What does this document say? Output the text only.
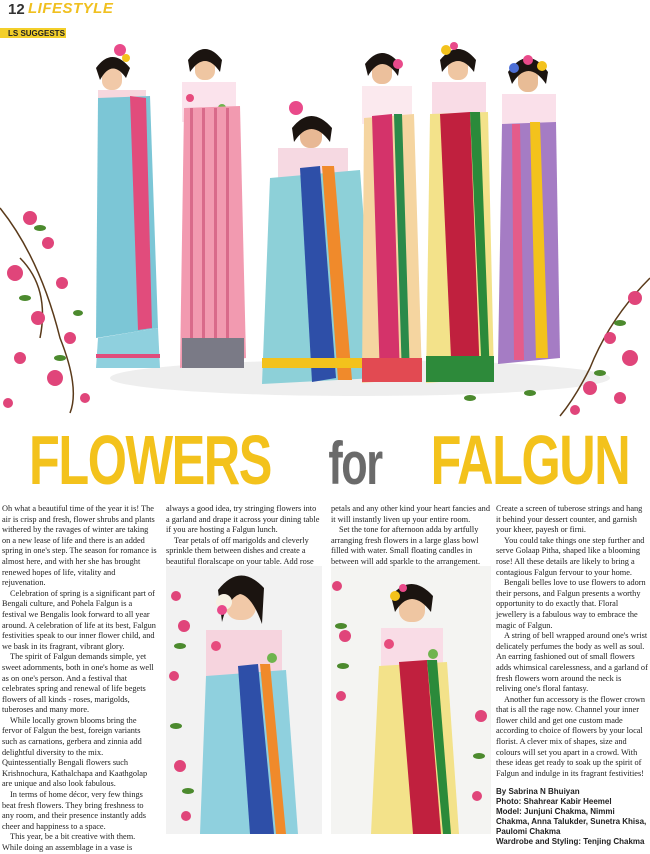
12 LIFESTYLE
LS SUGGESTS
FLOWERS for FALGUN

Oh what a beautiful time of the year it is! The air is crisp and fresh, flower shrubs and plants withered by the ravages of winter are taking on a new lease of life and there is an added spring in one's step. The season for romance is almost here, and with her she has brought renewed hopes of life, vitality and rejuvenation.

Celebration of spring is a significant part of Bengali culture, and Pohela Falgun is a festival we Bengalis look forward to all year around. A celebration of life at its best, Falgun festivities speak to our inner flower child, and we bask in its fragrant, vibrant glory.

The spirit of Falgun demands simple, yet sweet adornments, both in one's home as well as on one's person. And a festival that celebrates spring and renewal of life begets flowers of all kinds - roses, marigolds, tuberoses and many more.

While locally grown blooms bring the fervor of Falgun the best, foreign variants such as carnations, gerbera and zinnia add delightful diversity to the mix. Quintessentially Bengali flowers such Krishnochura, Kathalchapa and Kaathgolap are unique and also look fabulous.

In terms of home décor, very few things beat fresh flowers. They bring freshness to any room, and their presence instantly adds cheer and happiness to a space.

This year, be a bit creative with them. While doing an assemblage in a vase is

always a good idea, try stringing flowers into a garland and drape it across your dining table if you are hosting a Falgun lunch.

Tear petals of off marigolds and cleverly sprinkle them between dishes and create a beautiful floralscape on your table. Add rose

petals and any other kind your heart fancies and it will instantly liven up your entire room.

Set the tone for afternoon adda by artfully arranging fresh flowers in a large glass bowl filled with water. Small floating candles in between will add sparkle to the arrangement.

Create a screen of tuberose strings and hang it behind your dessert counter, and garnish your kheer, payesh or firni.

You could take things one step further and serve Golaap Pitha, shaped like a blooming rose! All these details are likely to bring a contagious Falgun fervour to your home.

Bengali belles love to use flowers to adorn their persons, and Falgun presents a worthy opportunity to do exactly that. Floral jewellery is a fabulous way to embrace the magic of Falgun.

A string of bell wrapped around one's wrist delicately perfumes the body as well as soul. An earring fashioned out of small flowers adds whimsical carelessness, and a garland of fresh flowers worn around the neck is reliving one's floral fantasy.

Another fun accessory is the flower crown that is all the rage now. Channel your inner flower child and get one custom made according to choice of flowers by your local florist. A clever mix of shapes, size and colours will set you apart in a crowd. With these ideas get ready to soak up the spirit of Falgun and indulge in its fragrant festivities!

By Sabrina N Bhuiyan
Photo: Shahrear Kabir Heemel
Model: Junjuni Chakma, Nimmi Chakma, Anna Talukder, Sunetra Khisa, Paulomi Chakma
Wardrobe and Styling: Tenjing Chakma
